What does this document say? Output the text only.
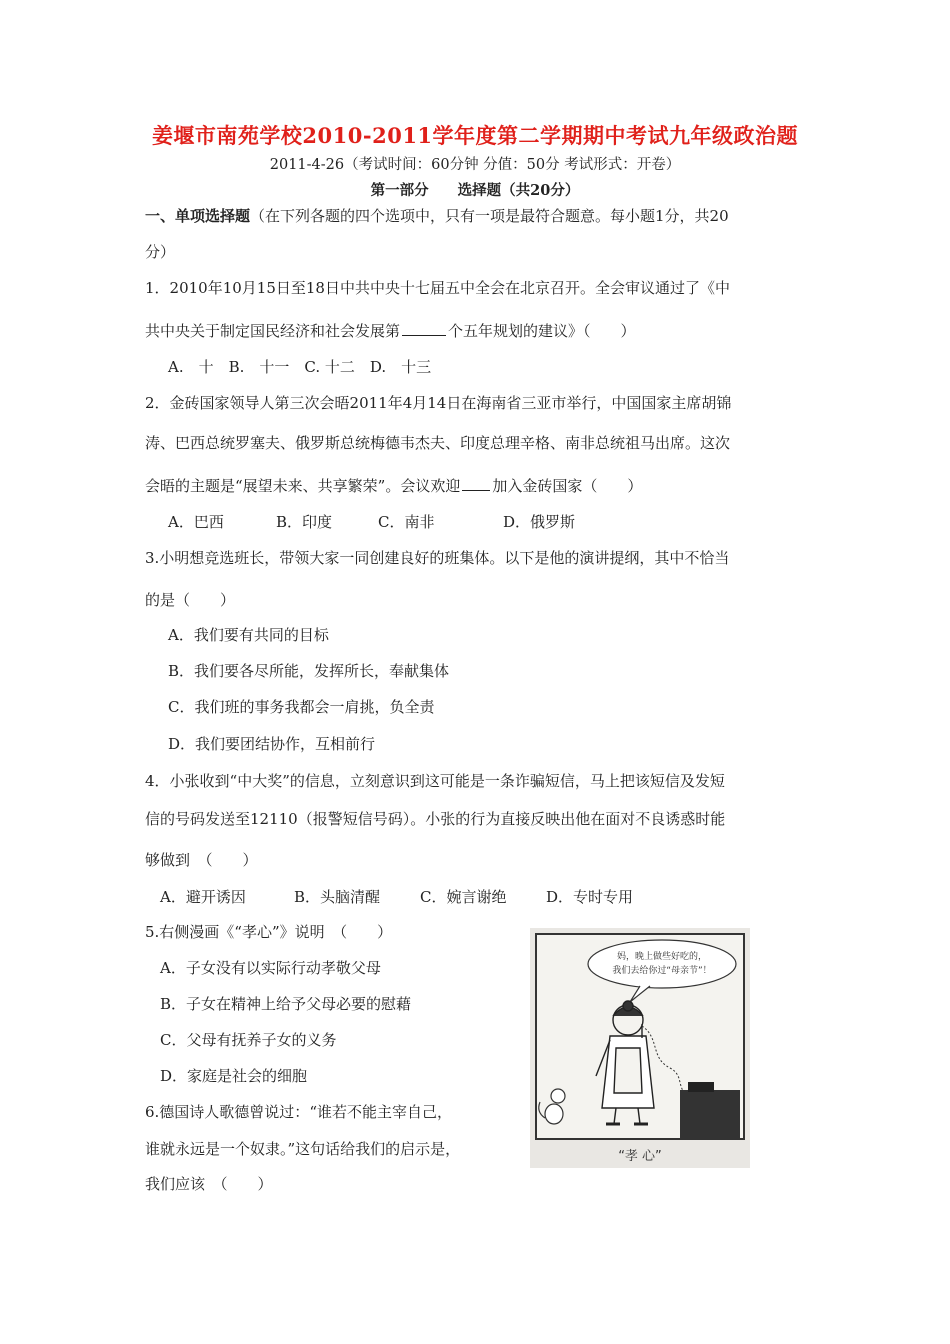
姜堰市南苑学校2010-2011学年度第二学期期中考试九年级政治题
2011-4-26（考试时间：60分钟 分值：50分 考试形式：开卷）
第一部分　　选择题（共20分）
一、单项选择题（在下列各题的四个选项中，只有一项是最符合题意。每小题1分，共20
分）
1．2010年10月15日至18日中共中央十七届五中全会在北京召开。全会审议通过了《中
共中央关于制定国民经济和社会发展第	个五年规划的建议》（　　）
A.　十　B.　十一　C. 十二　D.　十三
2．金砖国家领导人第三次会晤2011年4月14日在海南省三亚市举行，中国国家主席胡锦
涛、巴西总统罗塞夫、俄罗斯总统梅德韦杰夫、印度总理辛格、南非总统祖马出席。这次
会晤的主题是“展望未来、共享繁荣”。会议欢迎 加入金砖国家（　　）
A．巴西	B．印度	C．南非	D．俄罗斯
3.小明想竞选班长，带领大家一同创建良好的班集体。以下是他的演讲提纲，其中不恰当
的是（　　）
A．我们要有共同的目标
B．我们要各尽所能，发挥所长，奉献集体
C．我们班的事务我都会一肩挑，负全责
D．我们要团结协作，互相前行
4．小张收到“中大奖”的信息，立刻意识到这可能是一条诈骗短信，马上把该短信及发短
信的号码发送至12110（报警短信号码）。小张的行为直接反映出他在面对不良诱惑时能
够做到　（　　）
A．避开诱因	B．头脑清醒	C．婉言谢绝	D．专时专用
5.右侧漫画《“孝心”》说明　（　　）
A．子女没有以实际行动孝敬父母
B．子女在精神上给予父母必要的慰藉
C．父母有抚养子女的义务
D．家庭是社会的细胞
6.德国诗人歌德曾说过：“谁若不能主宰自己，
谁就永远是一个奴隶。”这句话给我们的启示是，
我们应该　（　　）
妈，晚上做些好吃的，
我们去给你过“母亲节”！
“孝 心”
